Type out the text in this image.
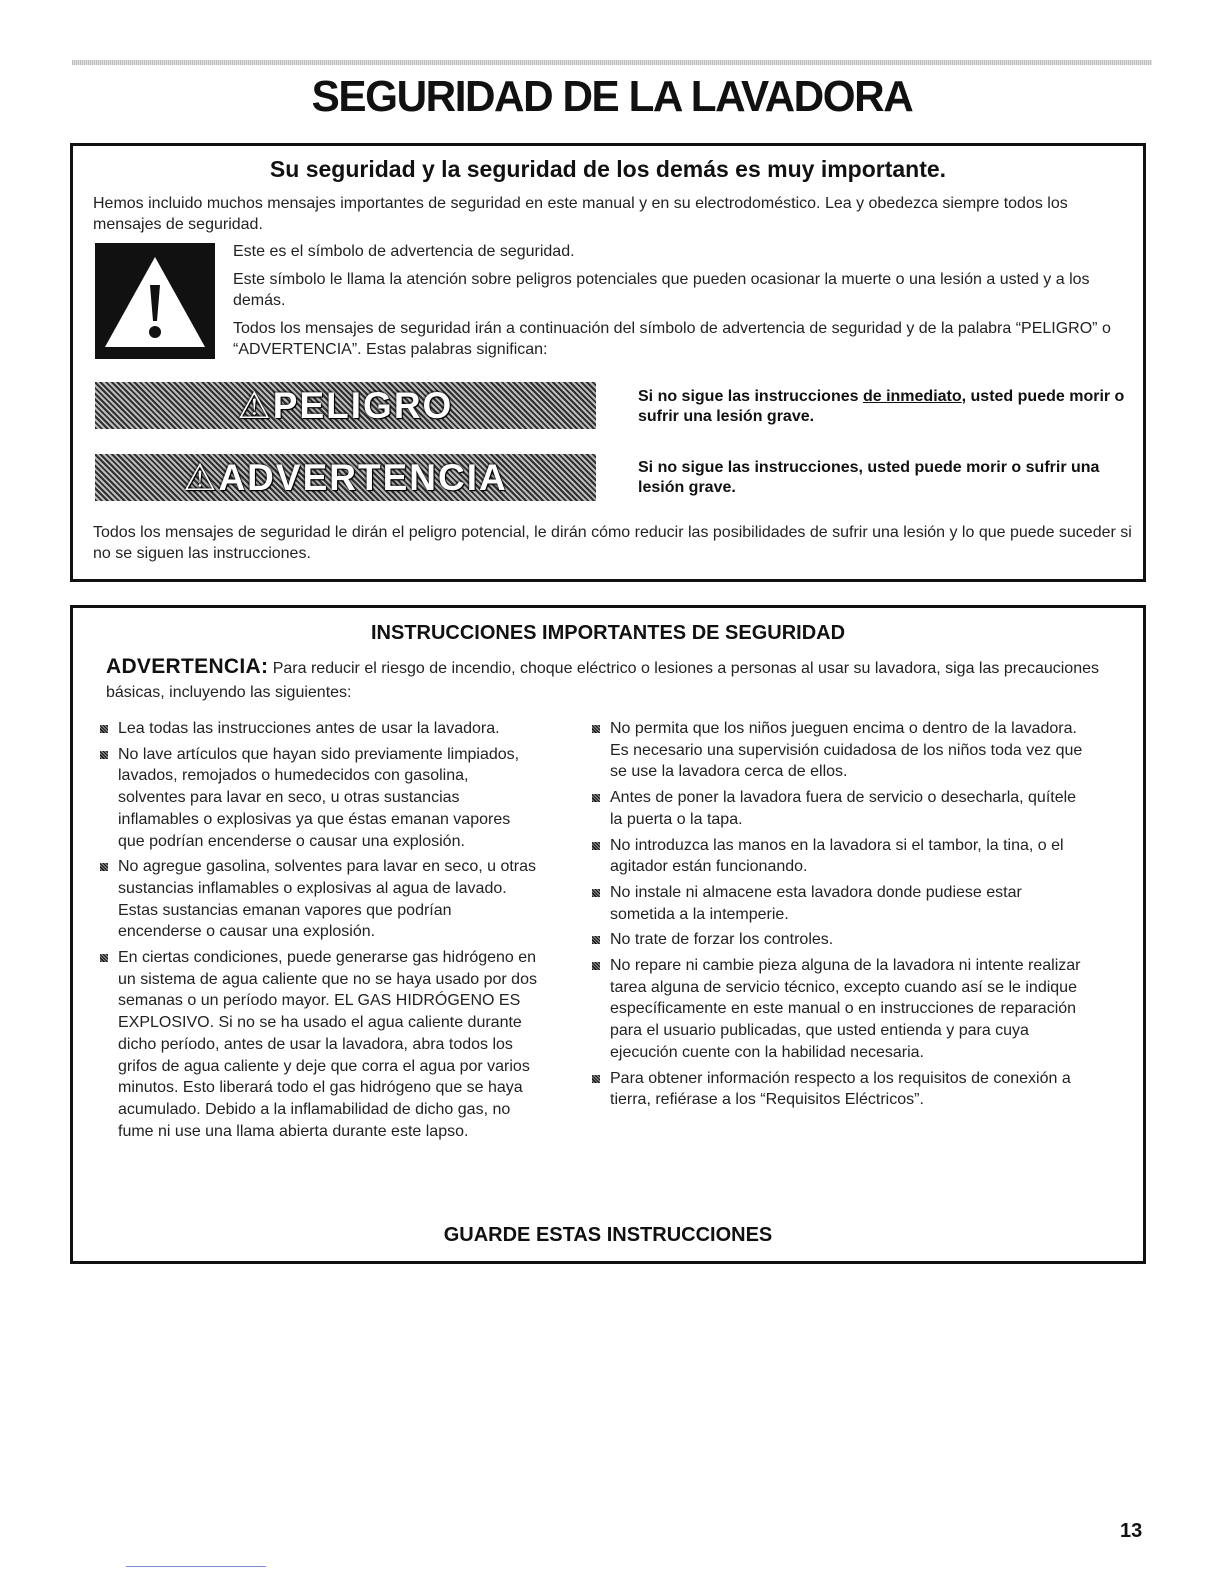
SEGURIDAD DE LA LAVADORA
Su seguridad y la seguridad de los demás es muy importante.

Hemos incluido muchos mensajes importantes de seguridad en este manual y en su electrodoméstico. Lea y obedezca siempre todos los mensajes de seguridad.

Este es el símbolo de advertencia de seguridad.

Este símbolo le llama la atención sobre peligros potenciales que pueden ocasionar la muerte o una lesión a usted y a los demás.

Todos los mensajes de seguridad irán a continuación del símbolo de advertencia de seguridad y de la palabra “PELIGRO” o “ADVERTENCIA”. Estas palabras significan:

⚠PELIGRO	Si no sigue las instrucciones de inmediato, usted puede morir o sufrir una lesión grave.

⚠ADVERTENCIA	Si no sigue las instrucciones, usted puede morir o sufrir una lesión grave.

Todos los mensajes de seguridad le dirán el peligro potencial, le dirán cómo reducir las posibilidades de sufrir una lesión y lo que puede suceder si no se siguen las instrucciones.

INSTRUCCIONES IMPORTANTES DE SEGURIDAD

ADVERTENCIA: Para reducir el riesgo de incendio, choque eléctrico o lesiones a personas al usar su lavadora, siga las precauciones básicas, incluyendo las siguientes:

Lea todas las instrucciones antes de usar la lavadora.
No lave artículos que hayan sido previamente limpiados, lavados, remojados o humedecidos con gasolina, solventes para lavar en seco, u otras sustancias inflamables o explosivas ya que éstas emanan vapores que podrían encenderse o causar una explosión.
No agregue gasolina, solventes para lavar en seco, u otras sustancias inflamables o explosivas al agua de lavado. Estas sustancias emanan vapores que podrían encenderse o causar una explosión.
En ciertas condiciones, puede generarse gas hidrógeno en un sistema de agua caliente que no se haya usado por dos semanas o un período mayor. EL GAS HIDRÓGENO ES EXPLOSIVO. Si no se ha usado el agua caliente durante dicho período, antes de usar la lavadora, abra todos los grifos de agua caliente y deje que corra el agua por varios minutos. Esto liberará todo el gas hidrógeno que se haya acumulado. Debido a la inflamabilidad de dicho gas, no fume ni use una llama abierta durante este lapso.
No permita que los niños jueguen encima o dentro de la lavadora. Es necesario una supervisión cuidadosa de los niños toda vez que se use la lavadora cerca de ellos.
Antes de poner la lavadora fuera de servicio o desecharla, quítele la puerta o la tapa.
No introduzca las manos en la lavadora si el tambor, la tina, o el agitador están funcionando.
No instale ni almacene esta lavadora donde pudiese estar sometida a la intemperie.
No trate de forzar los controles.
No repare ni cambie pieza alguna de la lavadora ni intente realizar tarea alguna de servicio técnico, excepto cuando así se le indique específicamente en este manual o en instrucciones de reparación para el usuario publicadas, que usted entienda y para cuya ejecución cuente con la habilidad necesaria.
Para obtener información respecto a los requisitos de conexión a tierra, refiérase a los “Requisitos Eléctricos”.

GUARDE ESTAS INSTRUCCIONES

13
